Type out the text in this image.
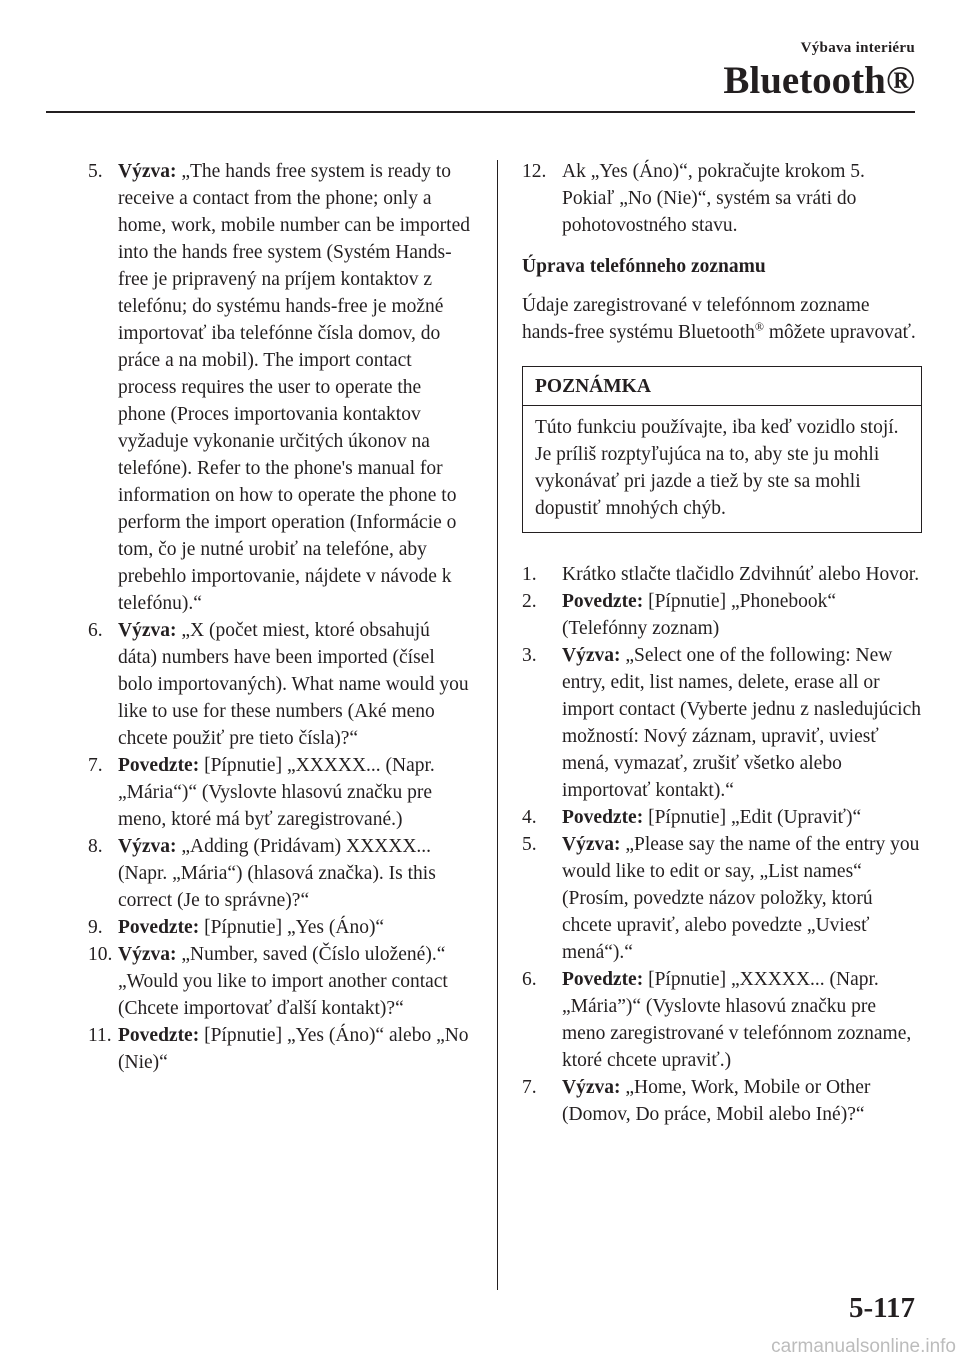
Výbava interiéru
Bluetooth®
5. Výzva: „The hands free system is ready to receive a contact from the phone; only a home, work, mobile number can be imported into the hands free system (Systém Hands-free je pripravený na príjem kontaktov z telefónu; do systému hands-free je možné importovať iba telefónne čísla domov, do práce a na mobil). The import contact process requires the user to operate the phone (Proces importovania kontaktov vyžaduje vykonanie určitých úkonov na telefóne). Refer to the phone's manual for information on how to operate the phone to perform the import operation (Informácie o tom, čo je nutné urobiť na telefóne, aby prebehlo importovanie, nájdete v návode k telefónu).“
6. Výzva: „X (počet miest, ktoré obsahujú dáta) numbers have been imported (čísel bolo importovaných). What name would you like to use for these numbers (Aké meno chcete použiť pre tieto čísla)?“
7. Povedzte: [Pípnutie] „XXXXX... (Napr. „Mária“)“ (Vyslovte hlasovú značku pre meno, ktoré má byť zaregistrované.)
8. Výzva: „Adding (Pridávam) XXXXX... (Napr. „Mária“) (hlasová značka). Is this correct (Je to správne)?“
9. Povedzte: [Pípnutie] „Yes (Áno)“
10. Výzva: „Number, saved (Číslo uložené).“ „Would you like to import another contact (Chcete importovať ďalší kontakt)?“
11. Povedzte: [Pípnutie] „Yes (Áno)“ alebo „No (Nie)“
12. Ak „Yes (Áno)“, pokračujte krokom 5. Pokiaľ „No (Nie)“, systém sa vráti do pohotovostného stavu.
Úprava telefónneho zoznamu
Údaje zaregistrované v telefónnom zozname hands-free systému Bluetooth® môžete upravovať.
POZNÁMKA
Túto funkciu používajte, iba keď vozidlo stojí. Je príliš rozptyľujúca na to, aby ste ju mohli vykonávať pri jazde a tiež by ste sa mohli dopustiť mnohých chýb.
1.	Krátko stlačte tlačidlo Zdvihnúť alebo Hovor.
2.	Povedzte: [Pípnutie] „Phonebook“ (Telefónny zoznam)
3.	Výzva: „Select one of the following: New entry, edit, list names, delete, erase all or import contact (Vyberte jednu z nasledujúcich možností: Nový záznam, upraviť, uviesť mená, vymazať, zrušiť všetko alebo importovať kontakt).“
4.	Povedzte: [Pípnutie] „Edit (Upraviť)“
5.	Výzva: „Please say the name of the entry you would like to edit or say, „List names“ (Prosím, povedzte názov položky, ktorú chcete upraviť, alebo povedzte „Uviesť mená“).“
6.	Povedzte: [Pípnutie] „XXXXX... (Napr. „Mária”)“ (Vyslovte hlasovú značku pre meno zaregistrované v telefónnom zozname, ktoré chcete upraviť.)
7.	Výzva: „Home, Work, Mobile or Other (Domov, Do práce, Mobil alebo Iné)?“
5-117
carmanualsonline.info
